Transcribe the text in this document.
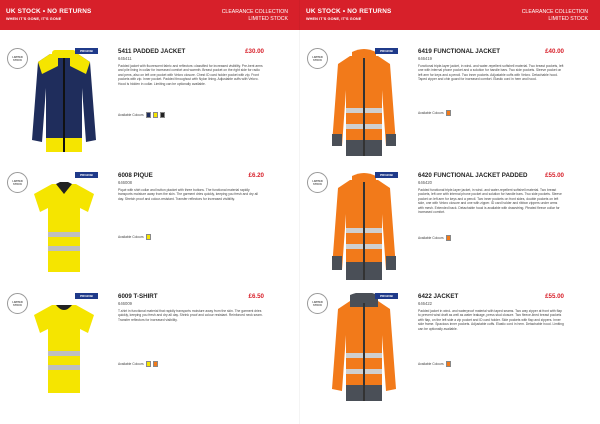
UK STOCK • NO RETURNS
WHEN IT'S GONE, IT'S GONE
CLEARANCE COLLECTION
LIMITED STOCK
LIMITED STOCK
PROJOB	5411 PADDED JACKET
645411
£30.00
Padded jacket with fluorescent fabric and reflectors: classified for increased visibility. Pre-bent arms and pile lining in collar for increased comfort and warmth. Breast pocket on the right side for radio and pens, also on left one pocket with Velcro closure. Chest ID card holder pocket with zip. Front pockets with zip. Inner pocket. Padded throughout with Nylon lining. Adjustable cuffs with Velcro. Hood is hidden in collar. Limiting can be optionally available.
Available Colours
LIMITED STOCK
PROJOB	6008 PIQUE
646008
£6.20
Piqué with shirt collar and button placket with three buttons. The functional material rapidly transports moisture away from the skin. The garment dries quickly, keeping you fresh and dry all day. Stretch proof and colour-resistant. Transfer reflectors for increased visibility.
Available Colours
LIMITED STOCK
PROJOB	6009 T-SHIRT
646009
£6.50
T-shirt in functional material that rapidly transports moisture away from the skin. The garment dries quickly, keeping you fresh and dry all day. Shrink proof and colour resistant. Reinforced neck seam. Transfer reflectors for increased visibility.
Available Colours
UK STOCK • NO RETURNS
WHEN IT'S GONE, IT'S GONE
CLEARANCE COLLECTION
LIMITED STOCK
LIMITED STOCK
PROJOB	6419 FUNCTIONAL JACKET
646419
£40.00
Functional triple-layer jacket, in wind- and water-repellent softshell material. Two breast pockets, left one with internal phone pocket and a solution for handle bars. Two side pockets. Sleeve pocket on left arm for keys and a pencil. Two inner pockets. Adjustable cuffs with Velcro. Detachable hood. Taped zipper and chin guard for increased comfort. Elastic cord in hem and hood.
Available Colours
LIMITED STOCK
PROJOB	6420 FUNCTIONAL JACKET PADDED
646420
£55.00
Padded functional triple-layer jacket, in wind- and water-repellent softshell material. Two breast pockets, left one with internal phone pocket and solution for handle bars. Two side pockets. Sleeve pocket on left arm for keys and a pencil. Two inner pockets on front sides, double pockets on left side, one with Velcro closure and one with zipper. ID card holder and ribbon zippers under arms with mesh. Extended back. Detachable hood is available with drawstring. Pleated fleece collar for increased comfort.
Available Colours
LIMITED STOCK
PROJOB	6422 JACKET
646422
£55.00
Padded jacket in wind- and waterproof material with taped seams. Two way zipper at front with flap to prevent wind draft as well as water leakage, press stud closure. Two fleece-lined breast pockets with flap, on the left side a zip pocket and ID card holder. Side pockets with flap and zippers. Inner side frame. Spacious inner pockets. Adjustable cuffs. Elastic cord in hem. Detachable hood. Limiting can be optionally available.
Available Colours
